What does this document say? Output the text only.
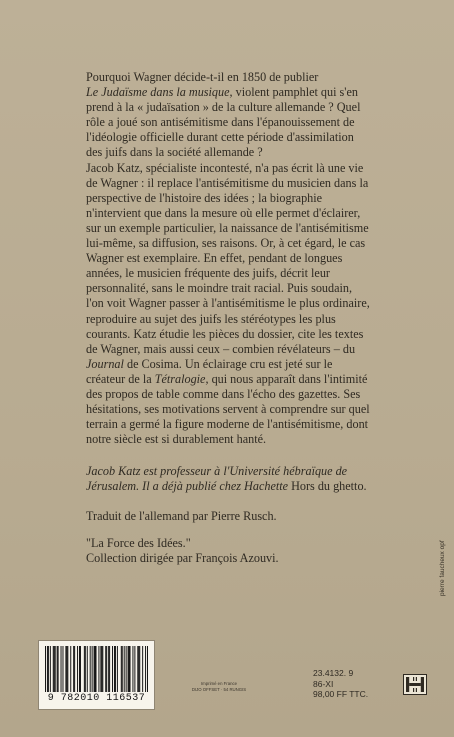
Pourquoi Wagner décide-t-il en 1850 de publier
Le Judaïsme dans la musique, violent pamphlet qui s'en prend à la « judaïsation » de la culture allemande ? Quel rôle a joué son antisémitisme dans l'épanouissement de l'idéologie officielle durant cette période d'assimilation des juifs dans la société allemande ?

Jacob Katz, spécialiste incontesté, n'a pas écrit là une vie de Wagner : il replace l'antisémitisme du musicien dans la perspective de l'histoire des idées ; la biographie n'intervient que dans la mesure où elle permet d'éclairer, sur un exemple particulier, la naissance de l'antisémitisme lui-même, sa diffusion, ses raisons. Or, à cet égard, le cas Wagner est exemplaire. En effet, pendant de longues années, le musicien fréquente des juifs, décrit leur personnalité, sans le moindre trait racial. Puis soudain, l'on voit Wagner passer à l'antisémitisme le plus ordinaire, reproduire au sujet des juifs les stéréotypes les plus courants. Katz étudie les pièces du dossier, cite les textes de Wagner, mais aussi ceux – combien révélateurs – du Journal de Cosima. Un éclairage cru est jeté sur le créateur de la Tétralogie, qui nous apparaît dans l'intimité des propos de table comme dans l'écho des gazettes. Ses hésitations, ses motivations servent à comprendre sur quel terrain a germé la figure moderne de l'antisémitisme, dont notre siècle est si durablement hanté.

Jacob Katz est professeur à l'Université hébraïque de Jérusalem. Il a déjà publié chez Hachette Hors du ghetto.

Traduit de l'allemand par Pierre Rusch.

"La Force des Idées."
Collection dirigée par François Azouvi.	pierre faucheux opf
9 782010 116537
Imprimé en France
DIJO OFFSET · 54 RUNGIS
23.4132. 9
86-XI
98,00 FF TTC.
